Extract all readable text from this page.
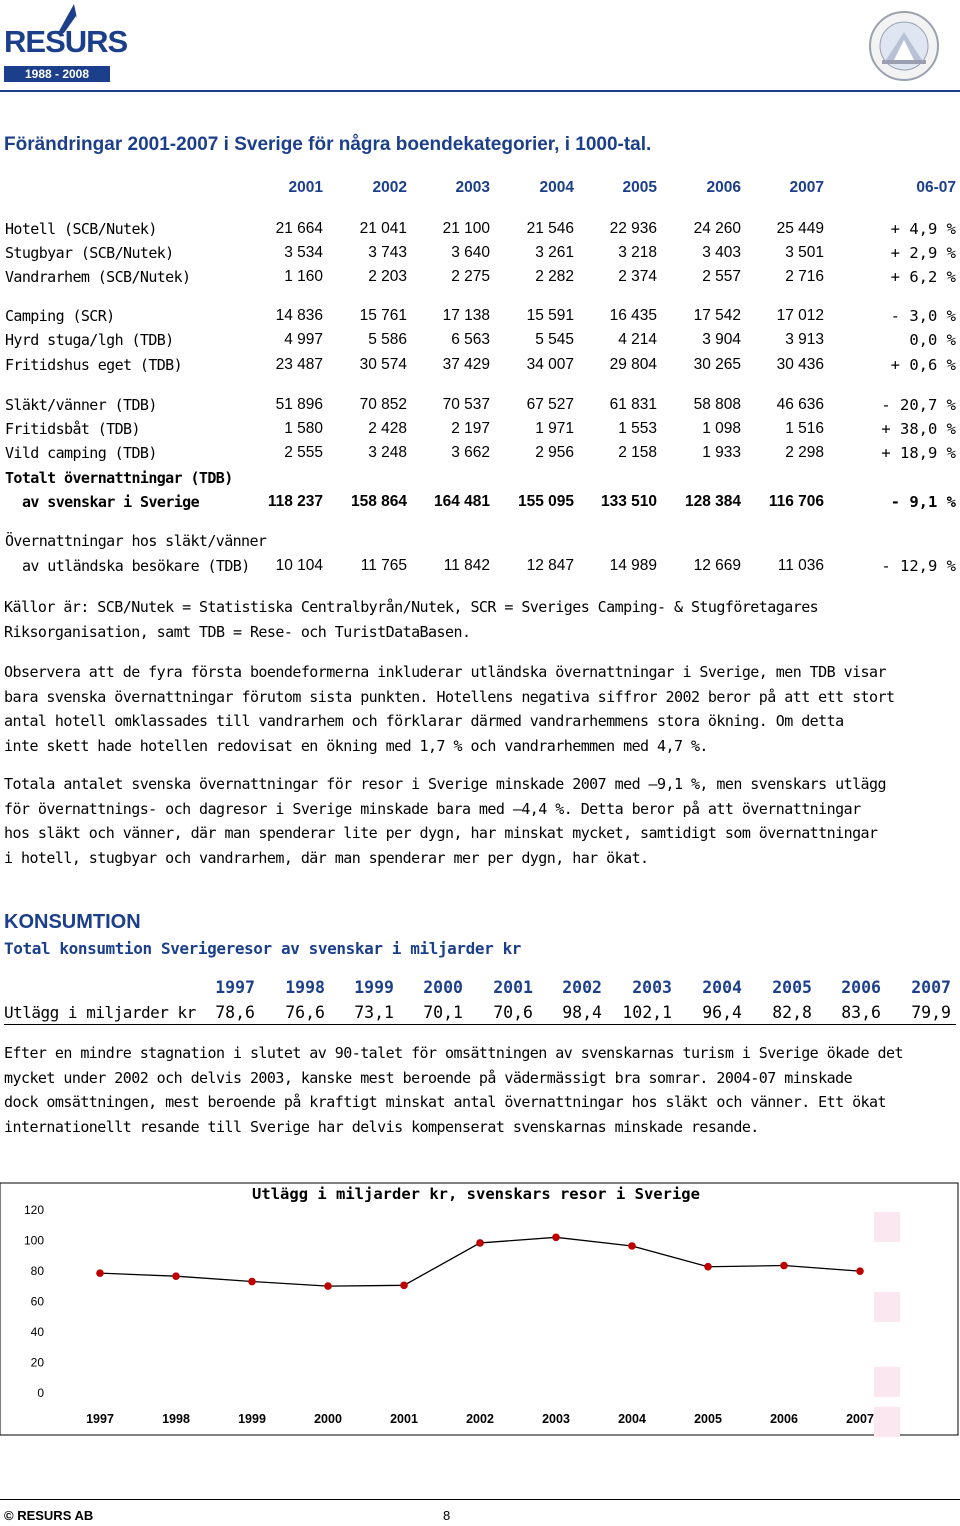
RESURS
1988 - 2008
Förändringar 2001-2007 i Sverige för några boendekategorier, i 1000-tal.
2001	2002	2003	2004	2005	2006	2007	06-07
Hotell (SCB/Nutek)	21 664	21 041	21 100	21 546	22 936	24 260	25 449	+ 4,9 %
Stugbyar (SCB/Nutek)	3 534	3 743	3 640	3 261	3 218	3 403	3 501	+ 2,9 %
Vandrarhem (SCB/Nutek)	1 160	2 203	2 275	2 282	2 374	2 557	2 716	+ 6,2 %
Camping (SCR)	14 836	15 761	17 138	15 591	16 435	17 542	17 012	- 3,0 %
Hyrd stuga/lgh (TDB)	4 997	5 586	6 563	5 545	4 214	3 904	3 913	0,0 %
Fritidshus eget (TDB)	23 487	30 574	37 429	34 007	29 804	30 265	30 436	+ 0,6 %
Släkt/vänner (TDB)	51 896	70 852	70 537	67 527	61 831	58 808	46 636	- 20,7 %
Fritidsbåt (TDB)	1 580	2 428	2 197	1 971	1 553	1 098	1 516	+ 38,0 %
Vild camping (TDB)	2 555	3 248	3 662	2 956	2 158	1 933	2 298	+ 18,9 %
Totalt övernattningar (TDB)
av svenskar i Sverige	118 237	158 864	164 481	155 095	133 510	128 384	116 706	- 9,1 %
Övernattningar hos släkt/vänner
av utländska besökare (TDB)	10 104	11 765	11 842	12 847	14 989	12 669	11 036	- 12,9 %
Källor är: SCB/Nutek = Statistiska Centralbyrån/Nutek, SCR = Sveriges Camping- & Stugföretagares
Riksorganisation, samt TDB = Rese- och TuristDataBasen.
Observera att de fyra första boendeformerna inkluderar utländska övernattningar i Sverige, men TDB visar
bara svenska övernattningar förutom sista punkten. Hotellens negativa siffror 2002 beror på att ett stort
antal hotell omklassades till vandrarhem och förklarar därmed vandrarhemmens stora ökning. Om detta
inte skett hade hotellen redovisat en ökning med 1,7 % och vandrarhemmen med 4,7 %.
Totala antalet svenska övernattningar för resor i Sverige minskade 2007 med –9,1 %, men svenskars utlägg
för övernattnings- och dagresor i Sverige minskade bara med –4,4 %. Detta beror på att övernattningar
hos släkt och vänner, där man spenderar lite per dygn, har minskat mycket, samtidigt som övernattningar
i hotell, stugbyar och vandrarhem, där man spenderar mer per dygn, har ökat.
KONSUMTION
Total konsumtion Sverigeresor av svenskar i miljarder kr
1997	1998	1999	2000	2001	2002	2003	2004	2005	2006	2007
Utlägg i miljarder kr	78,6	76,6	73,1	70,1	70,6	98,4	102,1	96,4	82,8	83,6	79,9
Efter en mindre stagnation i slutet av 90-talet för omsättningen av svenskarnas turism i Sverige ökade det
mycket under 2002 och delvis 2003, kanske mest beroende på vädermässigt bra somrar. 2004-07 minskade
dock omsättningen, mest beroende på kraftigt minskat antal övernattningar hos släkt och vänner. Ett ökat
internationellt resande till Sverige har delvis kompenserat svenskarnas minskade resande.
Utlägg i miljarder kr, svenskars resor i Sverige
0
20
40
60
80
100
120
1997	1998	1999	2000	2001	2002	2003	2004	2005	2006	2007
© RESURS AB	8
